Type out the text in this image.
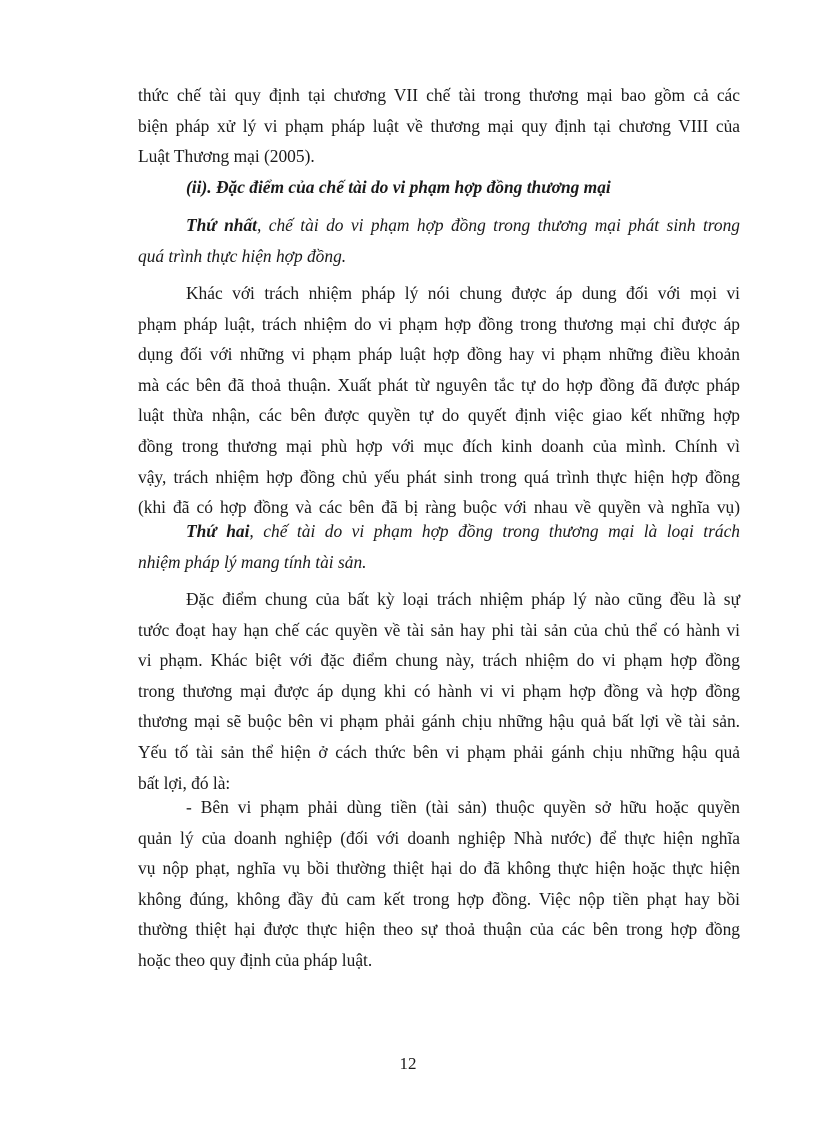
thức chế tài quy định tại chương VII chế tài trong thương mại bao gồm cả các
biện pháp xử lý vi phạm pháp luật về thương mại quy định tại chương VIII của
Luật Thương mại (2005).
(ii). Đặc điểm của chế tài do vi phạm hợp đồng thương mại
Thứ nhất, chế tài do vi phạm hợp đồng trong thương mại phát sinh trong
quá trình thực hiện hợp đồng.
Khác với trách nhiệm pháp lý nói chung được áp dung đối với mọi vi
phạm pháp luật, trách nhiệm do vi phạm hợp đồng trong thương mại chỉ được áp
dụng đối với những vi phạm pháp luật hợp đồng hay vi phạm những điều khoản
mà các bên đã thoả thuận. Xuất phát từ nguyên tắc tự do hợp đồng đã được pháp
luật thừa nhận, các bên được quyền tự do quyết định việc giao kết những hợp
đồng trong thương mại phù hợp với mục đích kinh doanh của mình. Chính vì
vậy, trách nhiệm hợp đồng chủ yếu phát sinh trong quá trình thực hiện hợp đồng
(khi đã có hợp đồng và các bên đã bị ràng buộc với nhau về quyền và nghĩa vụ)
Thứ hai, chế tài do vi phạm hợp đồng trong thương mại là loại trách
nhiệm pháp lý mang tính tài sản.
Đặc điểm chung của bất kỳ loại trách nhiệm pháp lý nào cũng đều là sự
tước đoạt hay hạn chế các quyền về tài sản hay phi tài sản của chủ thể có hành vi
vi phạm. Khác biệt với đặc điểm chung này, trách nhiệm do vi phạm hợp đồng
trong thương mại được áp dụng khi có hành vi vi phạm hợp đồng và hợp đồng
thương mại sẽ buộc bên vi phạm phải gánh chịu những hậu quả bất lợi về tài sản.
Yếu tố tài sản thể hiện ở cách thức bên vi phạm phải gánh chịu những hậu quả
bất lợi, đó là:
- Bên vi phạm phải dùng tiền (tài sản) thuộc quyền sở hữu hoặc quyền
quản lý của doanh nghiệp (đối với doanh nghiệp Nhà nước) để thực hiện nghĩa
vụ nộp phạt, nghĩa vụ bồi thường thiệt hại do đã không thực hiện hoặc thực hiện
không đúng, không đầy đủ cam kết trong hợp đồng. Việc nộp tiền phạt hay bồi
thường thiệt hại được thực hiện theo sự thoả thuận của các bên trong hợp đồng
hoặc theo quy định của pháp luật.
12
